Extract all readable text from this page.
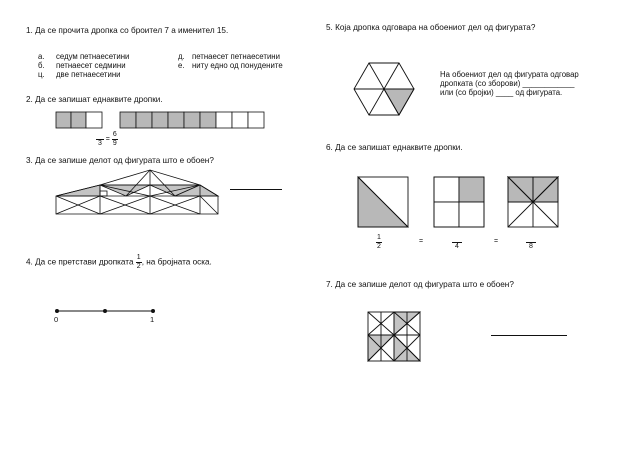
1. Да се прочита дропка со броител 7 а именител 15.
а. седум петнаесетини
б. петнаесет седмини
ц. две петнаесетини
д. петнаесет петнаесетини
е. ниту едно од понудените
2. Да се запишат еднаквите дропки.

3
= $\frac{6}{9}$
3. Да се запише делот од фигурата што е обоен?
4. Да се претстави дропката $\frac{1}{2}$ , на бројната оска.
0	1
5. Која дропка одговара на обоениот дел од фигурата?
На обоениот дел од фигурата одговар
дропката (со зборови) ____________
или (со бројки) ____ од фигурата.
6. Да се запишат еднаквите дропки.
$\frac{1}{2}$	=

4
=

8
7. Да се запише делот од фигурата што е обоен?
